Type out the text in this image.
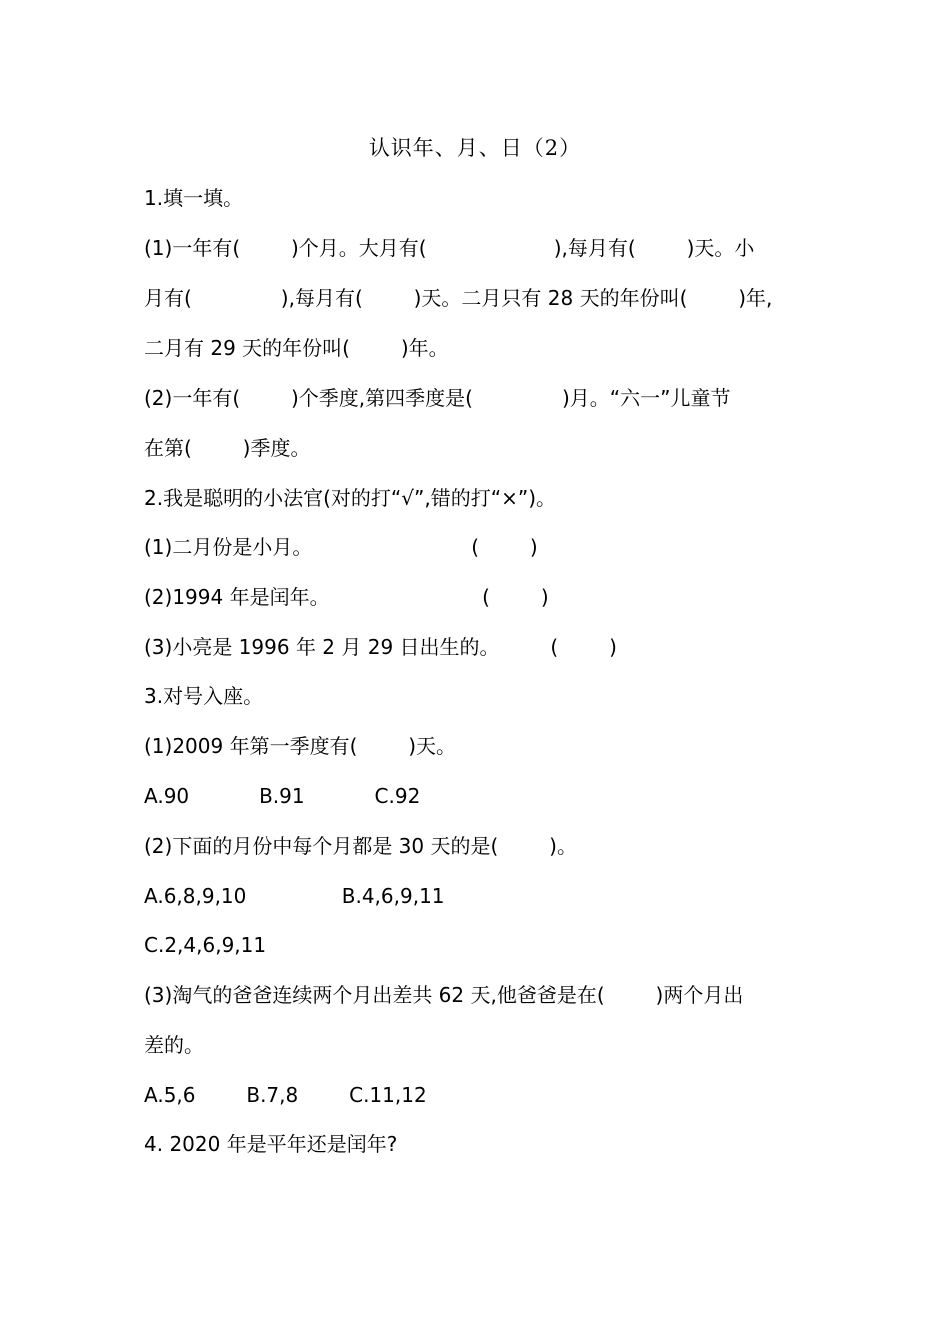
认识年、月、日（2）
1.填一填。
(1)一年有(        )个月。大月有(                    ),每月有(        )天。小
月有(              ),每月有(        )天。二月只有 28 天的年份叫(        )年,
二月有 29 天的年份叫(        )年。
(2)一年有(        )个季度,第四季度是(              )月。“六一”儿童节
在第(        )季度。
2.我是聪明的小法官(对的打“√”,错的打“×”)。
(1)二月份是小月。                         (        )
(2)1994 年是闰年。                        (        )
(3)小亮是 1996 年 2 月 29 日出生的。        (        )
3.对号入座。
(1)2009 年第一季度有(        )天。
A.90           B.91           C.92
(2)下面的月份中每个月都是 30 天的是(        )。
A.6,8,9,10               B.4,6,9,11
C.2,4,6,9,11
(3)淘气的爸爸连续两个月出差共 62 天,他爸爸是在(        )两个月出
差的。
A.5,6        B.7,8        C.11,12
4. 2020 年是平年还是闰年?
